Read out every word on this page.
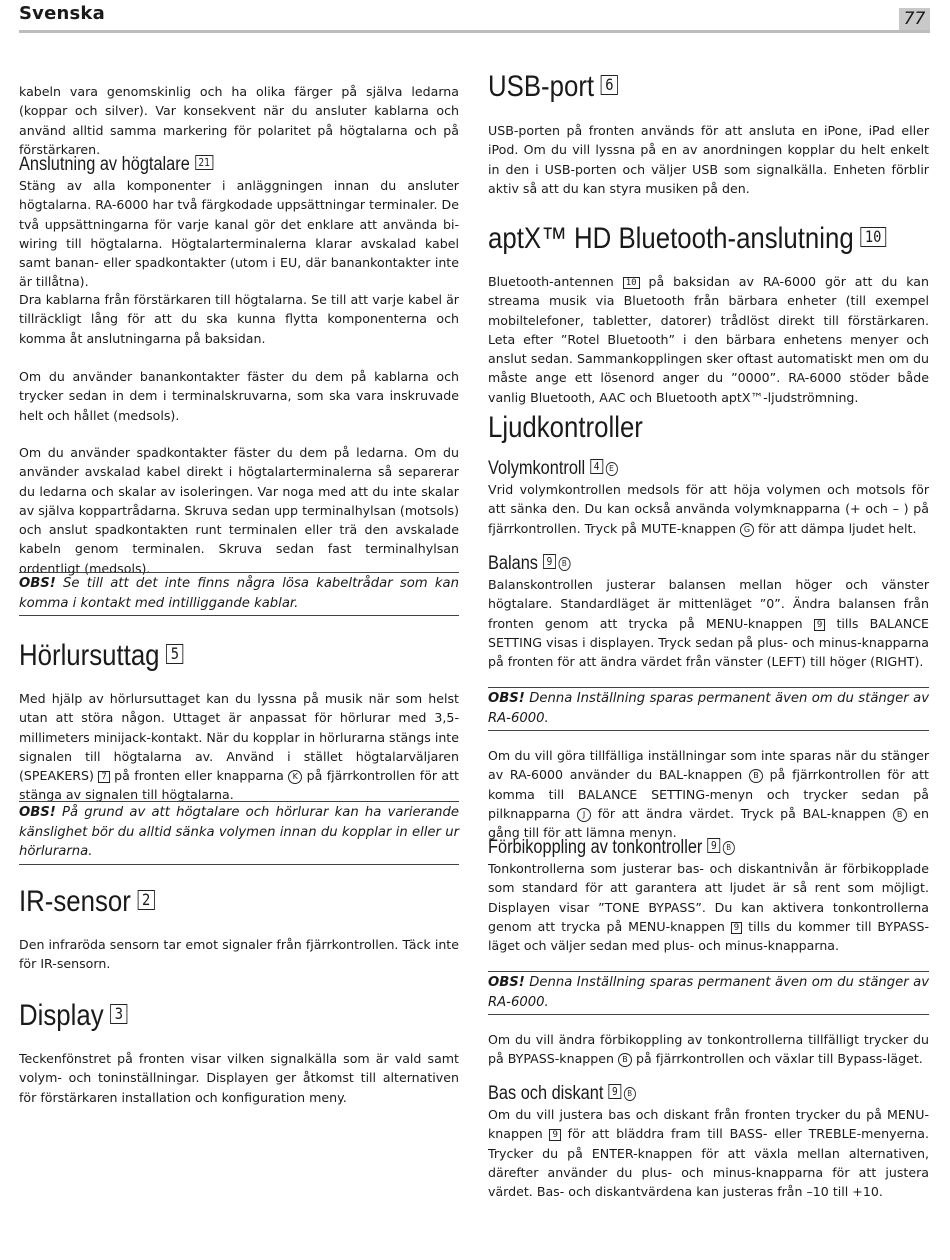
Svenska	77

kabeln vara genomskinlig och ha olika färger på själva ledarna (koppar och silver). Var konsekvent när du ansluter kablarna och använd alltid samma markering för polaritet på högtalarna och på förstärkaren.

Anslutning av högtalare 21

Stäng av alla komponenter i anläggningen innan du ansluter högtalarna. RA-6000 har två färgkodade uppsättningar terminaler. De två uppsättningarna för varje kanal gör det enklare att använda bi-wiring till högtalarna. Högtalarterminalerna klarar avskalad kabel samt banan- eller spadkontakter (utom i EU, där banankontakter inte är tillåtna).

Dra kablarna från förstärkaren till högtalarna. Se till att varje kabel är tillräckligt lång för att du ska kunna flytta komponenterna och komma åt anslutningarna på baksidan.

Om du använder banankontakter fäster du dem på kablarna och trycker sedan in dem i terminalskruvarna, som ska vara inskruvade helt och hållet (medsols).

Om du använder spadkontakter fäster du dem på ledarna. Om du använder avskalad kabel direkt i högtalarterminalerna så separerar du ledarna och skalar av isoleringen. Var noga med att du inte skalar av själva koppartrådarna. Skruva sedan upp terminalhylsan (motsols) och anslut spadkontakten runt terminalen eller trä den avskalade kabeln genom terminalen. Skruva sedan fast terminalhylsan ordentligt (medsols).

OBS! Se till att det inte finns några lösa kabeltrådar som kan komma i kontakt med intilliggande kablar.
Hörlursuttag 5

Med hjälp av hörlursuttaget kan du lyssna på musik när som helst utan att störa någon. Uttaget är anpassat för hörlurar med 3,5-millimeters minijack-kontakt. När du kopplar in hörlurarna stängs inte signalen till högtalarna av. Använd i stället högtalarväljaren (SPEAKERS) 7 på fronten eller knapparna K på fjärrkontrollen för att stänga av signalen till högtalarna.

OBS! På grund av att högtalare och hörlurar kan ha varierande känslighet bör du alltid sänka volymen innan du kopplar in eller ur hörlurarna.
IR-sensor 2

Den infraröda sensorn tar emot signaler från fjärrkontrollen. Täck inte för IR-sensorn.

Display 3

Teckenfönstret på fronten visar vilken signalkälla som är vald samt volym- och toninställningar. Displayen ger åtkomst till alternativen för förstärkaren installation och konfiguration meny.

USB-port 6

USB-porten på fronten används för att ansluta en iPone, iPad eller iPod. Om du vill lyssna på en av anordningen kopplar du helt enkelt in den i USB-porten och väljer USB som signalkälla. Enheten förblir aktiv så att du kan styra musiken på den.

aptX™ HD Bluetooth-anslutning 10

Bluetooth-antennen 10 på baksidan av RA-6000 gör att du kan streama musik via Bluetooth från bärbara enheter (till exempel mobiltelefoner, tabletter, datorer) trådlöst direkt till förstärkaren. Leta efter ”Rotel Bluetooth” i den bärbara enhetens menyer och anslut sedan. Sammankopplingen sker oftast automatiskt men om du måste ange ett lösenord anger du ”0000”. RA-6000 stöder både vanlig Bluetooth, AAC och Bluetooth aptX™-ljudströmning.

Ljudkontroller
Volymkontroll 4 E

Vrid volymkontrollen medsols för att höja volymen och motsols för att sänka den. Du kan också använda volymknapparna (+ och – ) på fjärrkontrollen. Tryck på MUTE-knappen G för att dämpa ljudet helt.

Balans 9 B

Balanskontrollen justerar balansen mellan höger och vänster högtalare. Standardläget är mittenläget ”0”. Ändra balansen från fronten genom att trycka på MENU-knappen 9 tills BALANCE SETTING visas i displayen. Tryck sedan på plus- och minus-knapparna på fronten för att ändra värdet från vänster (LEFT) till höger (RIGHT).

OBS! Denna Inställning sparas permanent även om du stänger av RA-6000.

Om du vill göra tillfälliga inställningar som inte sparas när du stänger av RA-6000 använder du BAL-knappen B på fjärrkontrollen för att komma till BALANCE SETTING-menyn och trycker sedan på pilknapparna J för att ändra värdet. Tryck på BAL-knappen B en gång till för att lämna menyn.

Förbikoppling av tonkontroller 9 B

Tonkontrollerna som justerar bas- och diskantnivån är förbikopplade som standard för att garantera att ljudet är så rent som möjligt. Displayen visar ”TONE BYPASS”. Du kan aktivera tonkontrollerna genom att trycka på MENU-knappen 9 tills du kommer till BYPASS-läget och väljer sedan med plus- och minus-knapparna.

OBS! Denna Inställning sparas permanent även om du stänger av RA-6000.

Om du vill ändra förbikoppling av tonkontrollerna tillfälligt trycker du på BYPASS-knappen B på fjärrkontrollen och växlar till Bypass-läget.

Bas och diskant 9 B

Om du vill justera bas och diskant från fronten trycker du på MENU-knappen 9 för att bläddra fram till BASS- eller TREBLE-menyerna. Trycker du på ENTER-knappen för att växla mellan alternativen, därefter använder du plus- och minus-knapparna för att justera värdet. Bas- och diskantvärdena kan justeras från –10 till +10.
